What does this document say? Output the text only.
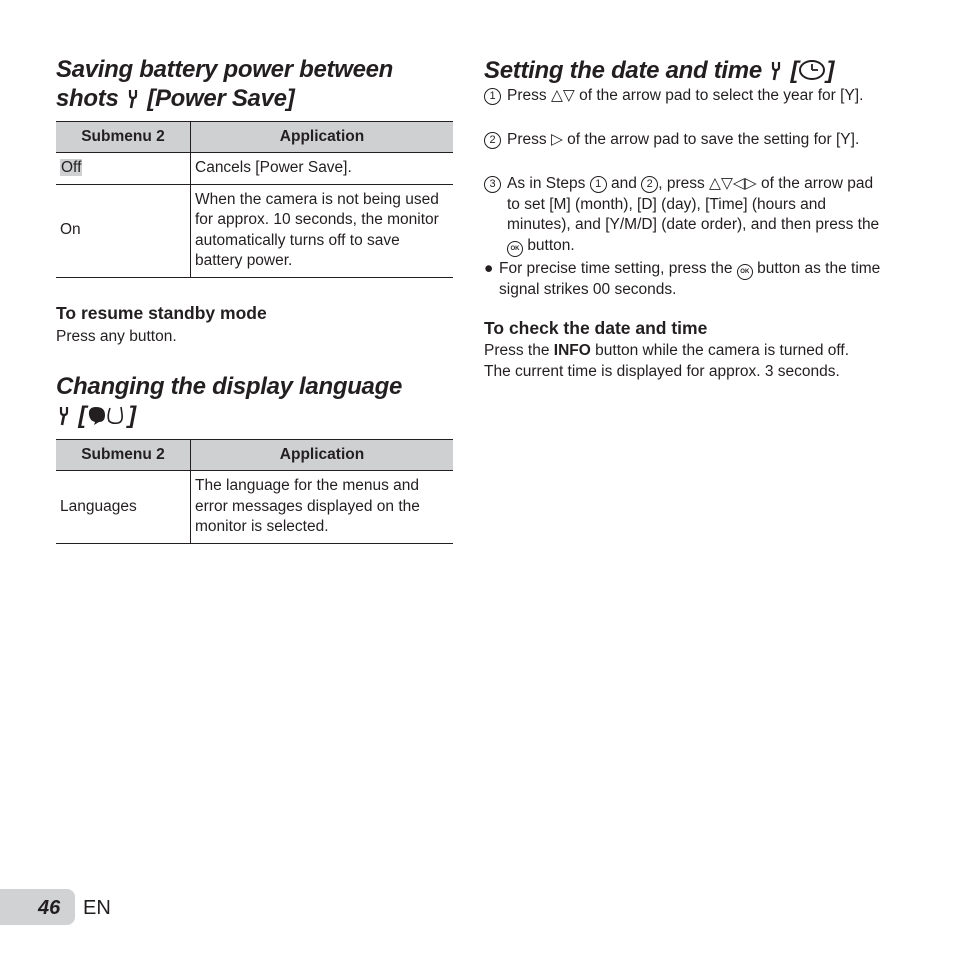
Saving battery power between
shots [Power Save]
Submenu 2	Application
Off	Cancels [Power Save].
On	When the camera is not being used for approx. 10 seconds, the monitor automatically turns off to save battery power.

To resume standby mode

Press any button.

Changing the display language
[ ]
Submenu 2	Application
Languages	The language for the menus and error messages displayed on the monitor is selected.
Setting the date and time [ ]
1 Press △▽ of the arrow pad to select the year for [Y].
2 Press ▷ of the arrow pad to save the setting for [Y].
3 As in Steps 1 and 2 , press △▽◁▷ of the arrow pad to set [M] (month), [D] (day), [Time] (hours and minutes), and [Y/M/D] (date order), and then press the OK button.
● For precise time setting, press the OK button as the time signal strikes 00 seconds.

To check the date and time

Press the INFO button while the camera is turned off.

The current time is displayed for approx. 3 seconds.

46 EN
